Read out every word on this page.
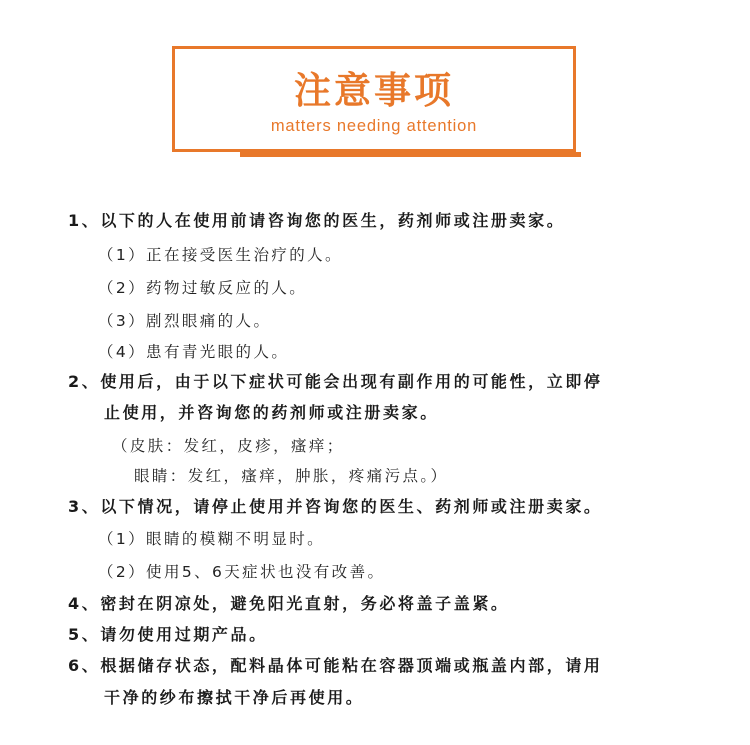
注意事项
matters needing attention
1、以下的人在使用前请咨询您的医生，药剂师或注册卖家。
（1）正在接受医生治疗的人。
（2）药物过敏反应的人。
（3）剧烈眼痛的人。
（4）患有青光眼的人。
2、使用后，由于以下症状可能会出现有副作用的可能性，立即停
止使用，并咨询您的药剂师或注册卖家。
（皮肤：发红，皮疹，瘙痒；
眼睛：发红，瘙痒，肿胀，疼痛污点。）
3、以下情况，请停止使用并咨询您的医生、药剂师或注册卖家。
（1）眼睛的模糊不明显时。
（2）使用5、6天症状也没有改善。
4、密封在阴凉处，避免阳光直射，务必将盖子盖紧。
5、请勿使用过期产品。
6、根据储存状态，配料晶体可能粘在容器顶端或瓶盖内部，请用
干净的纱布擦拭干净后再使用。
